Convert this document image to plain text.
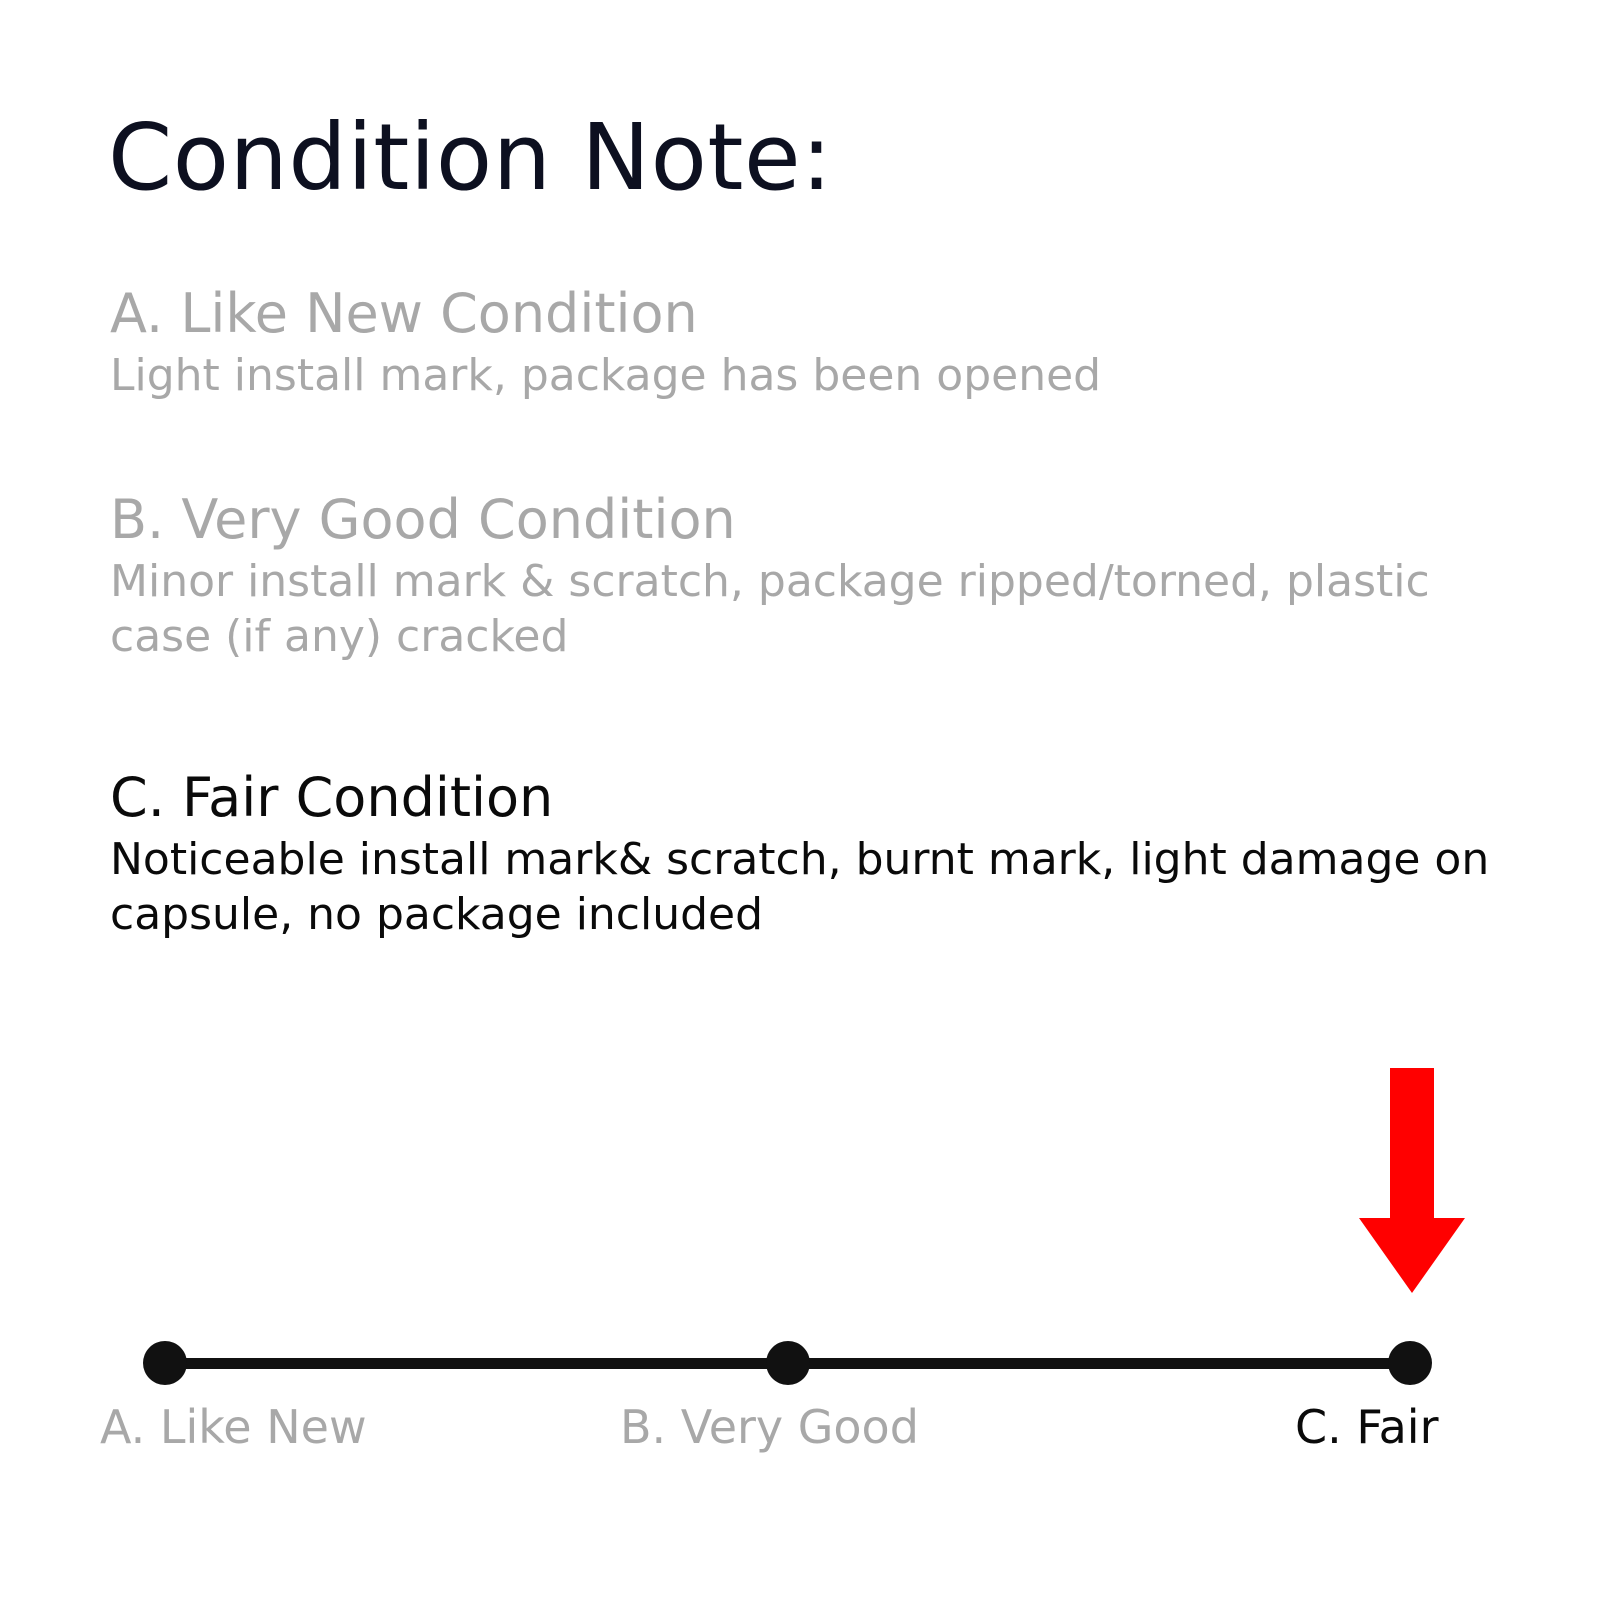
Condition Note:
A. Like New Condition
Light install mark, package has been opened
B. Very Good Condition
Minor install mark & scratch, package ripped/torned, plastic case (if any) cracked
C. Fair Condition
Noticeable install mark& scratch, burnt mark, light damage on capsule, no package included
A. Like New	B. Very Good	C. Fair
